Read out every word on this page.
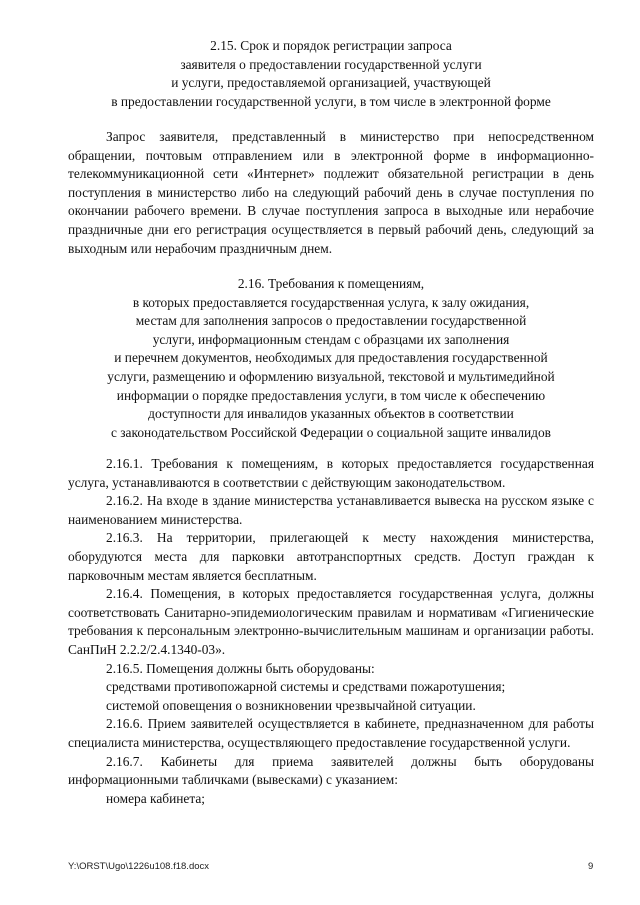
2.15. Срок и порядок регистрации запроса
заявителя о предоставлении государственной услуги
и услуги, предоставляемой организацией, участвующей
в предоставлении государственной услуги, в том числе в электронной форме

Запрос заявителя, представленный в министерство при непосредственном обращении, почтовым отправлением или в электронной форме в информационно-телекоммуникационной сети «Интернет» подлежит обязательной регистрации в день поступления в министерство либо на следующий рабочий день в случае поступления по окончании рабочего времени. В случае поступления запроса в выходные или нерабочие праздничные дни его регистрация осуществляется в первый рабочий день, следующий за выходным или нерабочим праздничным днем.

2.16. Требования к помещениям,
в которых предоставляется государственная услуга, к залу ожидания,
местам для заполнения запросов о предоставлении государственной
услуги, информационным стендам с образцами их заполнения
и перечнем документов, необходимых для предоставления государственной
услуги, размещению и оформлению визуальной, текстовой и мультимедийной
информации о порядке предоставления услуги, в том числе к обеспечению
доступности для инвалидов указанных объектов в соответствии
с законодательством Российской Федерации о социальной защите инвалидов

2.16.1. Требования к помещениям, в которых предоставляется государственная услуга, устанавливаются в соответствии с действующим законодательством.

2.16.2. На входе в здание министерства устанавливается вывеска на русском языке с наименованием министерства.

2.16.3. На территории, прилегающей к месту нахождения министерства, оборудуются места для парковки автотранспортных средств. Доступ граждан к парковочным местам является бесплатным.

2.16.4. Помещения, в которых предоставляется государственная услуга, должны соответствовать Санитарно-эпидемиологическим правилам и нормативам «Гигиенические требования к персональным электронно-вычислительным машинам и организации работы. СанПиН 2.2.2/2.4.1340-03».

2.16.5. Помещения должны быть оборудованы:

средствами противопожарной системы и средствами пожаротушения;

системой оповещения о возникновении чрезвычайной ситуации.

2.16.6. Прием заявителей осуществляется в кабинете, предназначенном для работы специалиста министерства, осуществляющего предоставление государственной услуги.

2.16.7. Кабинеты для приема заявителей должны быть оборудованы информационными табличками (вывесками) с указанием:

номера кабинета;

Y:\ORST\Ugo\1226u108.f18.docx	9
